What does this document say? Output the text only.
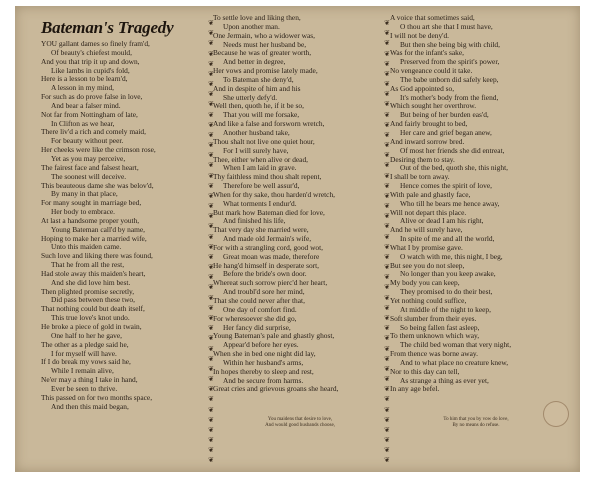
Bateman's Tragedy
YOU gallant dames so finely fram'd,
Of beauty's chiefest mould,
And you that trip it up and down,
Like lambs in cupid's fold,
Here is a lesson to be learn'd,
A lesson in my mind,
For such as do prove false in love,
And bear a falser mind.
Not far from Nottingham of late,
In Clifton as we hear,
There liv'd a rich and comely maid,
For beauty without peer.
Her cheeks were like the crimson rose,
Yet as you may perceive,
The fairest face and falsest heart,
The soonest will deceive.
This beauteous dame she was belov'd,
By many in that place,
For many sought in marriage bed,
Her body to embrace.
At last a handsome proper youth,
Young Bateman call'd by name,
Hoping to make her a married wife,
Unto this maiden came.
Such love and liking there was found,
That he from all the rest,
Had stole away this maiden's heart,
And she did love him best.
Then plighted promise secretly,
Did pass between these two,
That nothing could but death itself,
This true love's knot undo.
He broke a piece of gold in twain,
One half to her he gave,
The other as a pledge said he,
I for myself will have.
If I do break my vows said he,
While I remain alive,
Ne'er may a thing I take in hand,
Ever be seen to thrive.
This passed on for two months space,
And then this maid began,
❦
❦
❦
❦
❦
❦
❦
❦
❦
❦
❦
❦
❦
❦
❦
❦
❦
❦
❦
❦
❦
❦
❦
❦
❦
❦
❦
❦
❦
❦
❦
❦
❦
❦
❦
❦
❦
❦
❦
❦
❦
❦
❦
❦
To settle love and liking then,
Upon another man.
One Jermain, who a widower was,
Needs must her husband be,
Because he was of greater worth,
And better in degree,
Her vows and promise lately made,
To Bateman she deny'd,
And in despite of him and his
She utterly defy'd.
Well then, quoth he, if it be so,
That you will me forsake,
And like a false and forsworn wretch,
Another husband take,
Thou shalt not live one quiet hour,
For I will surely have,
Thee, either when alive or dead,
When I am laid in grave.
Thy faithless mind thou shalt repent,
Therefore be well assur'd,
When for thy sake, thou harden'd wretch,
What torments I endur'd.
But mark how Bateman died for love,
And finished his life,
That very day she married were,
And made old Jermain's wife,
For with a strangling cord, good wot,
Great moan was made, therefore
He hang'd himself in desperate sort,
Before the bride's own door.
Whereat such sorrow pierc'd her heart,
And troubl'd sore her mind,
That she could never after that,
One day of comfort find.
For wheresoever she did go,
Her fancy did surprise,
Young Bateman's pale and ghastly ghost,
Appear'd before her eyes.
When she in bed one night did lay,
Within her husband's arms,
In hopes thereby to sleep and rest,
And be secure from harms.
Great cries and grievous groans she heard,
❦
❦
❦
❦
❦
❦
❦
❦
❦
❦
❦
❦
❦
❦
❦
❦
❦
❦
❦
❦
❦
❦
❦
❦
❦
❦
❦
❦
❦
❦
❦
❦
❦
❦
❦
❦
❦
❦
❦
❦
❦
❦
❦
❦
A voice that sometimes said,
O thou art she that I must have,
I will not be deny'd.
But then she being big with child,
Was for the infant's sake,
Preserved from the spirit's power,
No vengeance could it take.
The babe unborn did safely keep,
As God appointed so,
It's mother's body from the fiend,
Which sought her overthrow.
But being of her burden eas'd,
And fairly brought to bed,
Her care and grief began anew,
And inward sorrow bred.
Of most her friends she did entreat,
Desiring them to stay.
Out of the bed, quoth she, this night,
I shall be torn away.
Hence comes the spirit of love,
With pale and ghastly face,
Who till he bears me hence away,
Will not depart this place.
Alive or dead I am his right,
And he will surely have,
In spite of me and all the world,
What I by promise gave.
O watch with me, this night, I beg,
But see you do not sleep,
No longer than you keep awake,
My body you can keep,
They promised to do their best,
Yet nothing could suffice,
At middle of the night to keep,
Soft slumber from their eyes.
So being fallen fast asleep,
To them unknown which way,
The child bed woman that very night,
From thence was borne away.
And to what place no creature knew,
Nor to this day can tell,
As strange a thing as ever yet,
In any age befel.
You maidens that desire to love,
And would good husbands choose,
To him that you by vow do love,
By no means do refuse.
